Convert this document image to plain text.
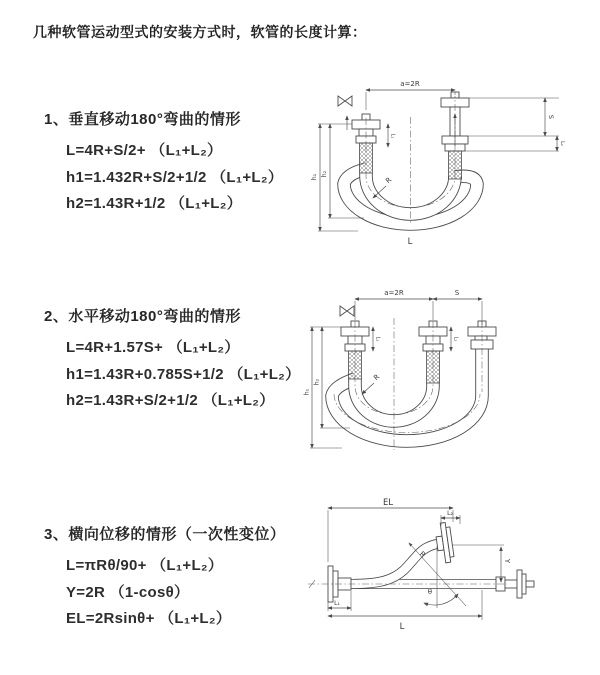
几种软管运动型式的安装方式时，软管的长度计算：
1、垂直移动180°弯曲的情形
L=4R+S/2+ （L₁+L₂）
h1=1.432R+S/2+1/2 （L₁+L₂）
h2=1.43R+1/2 （L₁+L₂）
2、水平移动180°弯曲的情形
L=4R+1.57S+ （L₁+L₂）
h1=1.43R+0.785S+1/2 （L₁+L₂）
h2=1.43R+S/2+1/2 （L₁+L₂）
3、横向位移的情形（一次性变位）
L=πRθ/90+ （L₁+L₂）
Y=2R （1-cosθ）
EL=2Rsinθ+ （L₁+L₂）
a=2R
S
L₂
L₁
h₁ h₂
R
L
a=2R	S
L₁	L₂
h₁
h₂	R
θ
R
EL
L₂
Y
L₁
L
